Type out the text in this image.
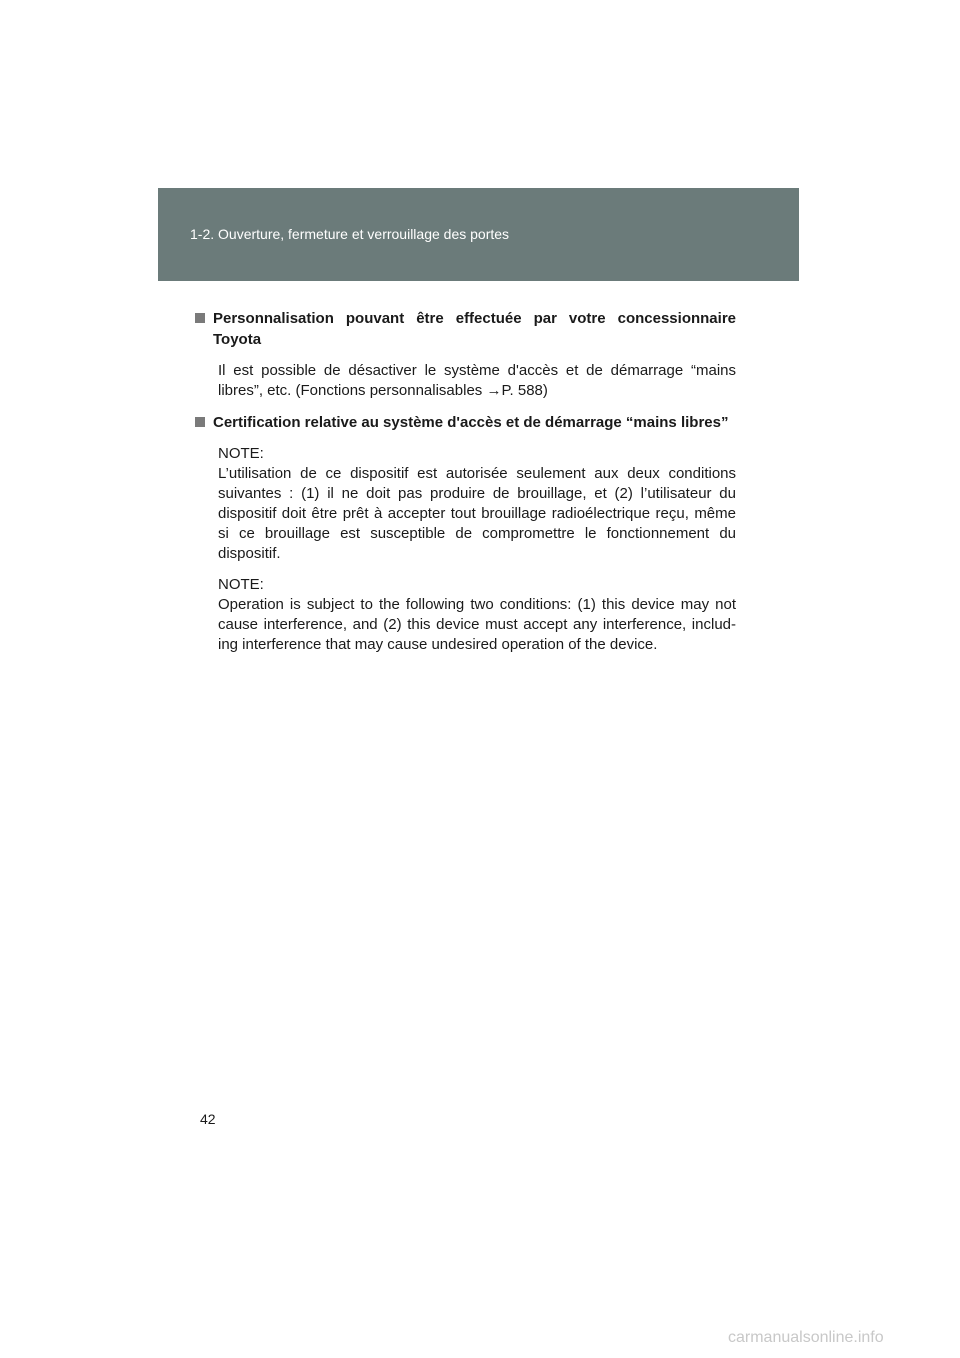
1-2. Ouverture, fermeture et verrouillage des portes
Personnalisation pouvant être effectuée par votre concessionnaire Toyota

Il est possible de désactiver le système d'accès et de démarrage “mains libres”, etc. (Fonctions personnalisables →P. 588)

Certification relative au système d'accès et de démarrage “mains libres”

NOTE:
L’utilisation de ce dispositif est autorisée seulement aux deux conditions suivantes : (1) il ne doit pas produire de brouillage, et (2) l’utilisateur du dispositif doit être prêt à accepter tout brouillage radioélectrique reçu, même si ce brouillage est susceptible de compromettre le fonctionnement du dispositif.

NOTE:
Operation is subject to the following two conditions: (1) this device may not cause interference, and (2) this device must accept any interference, includ-ing interference that may cause undesired operation of the device.

42
carmanualsonline.info
